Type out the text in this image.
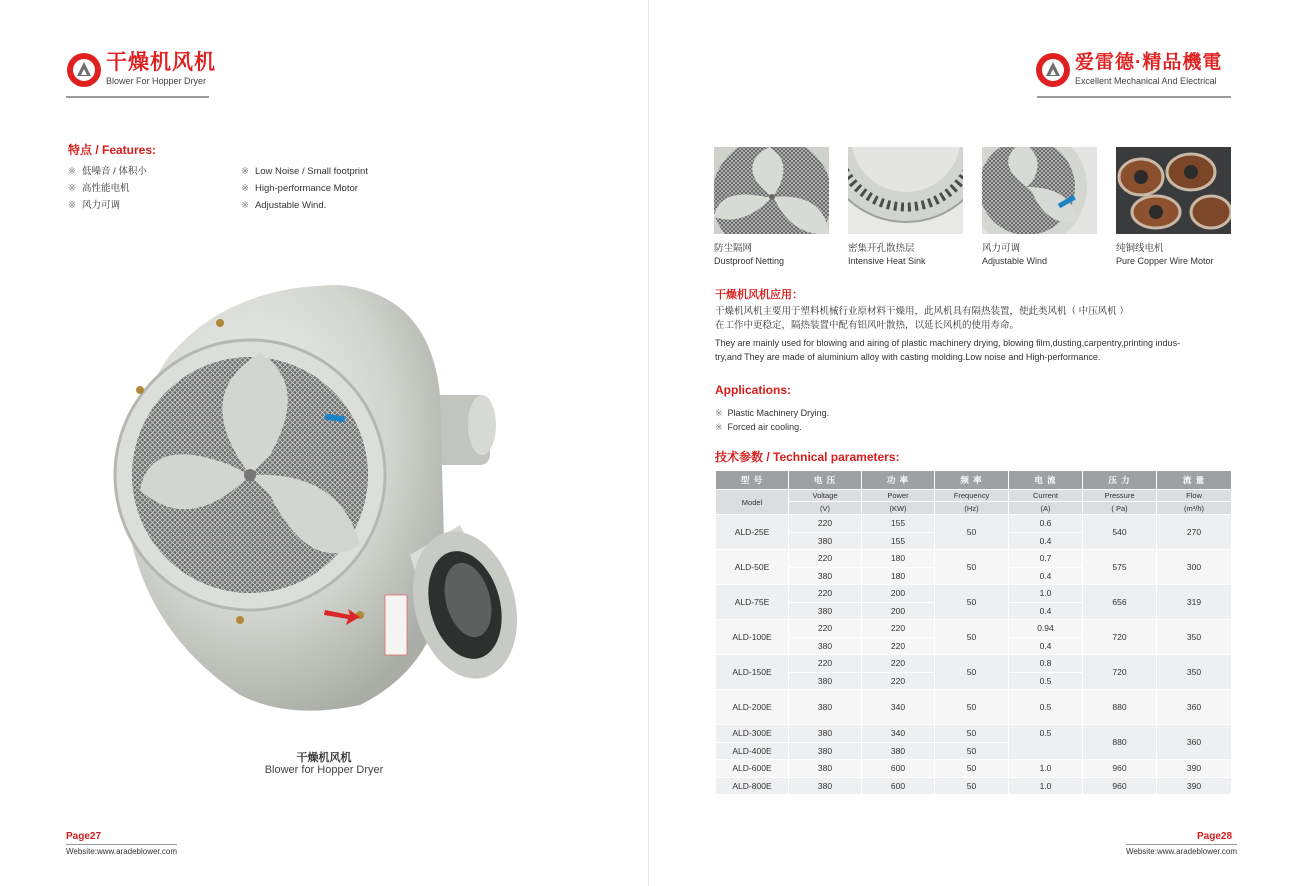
干燥机风机
Blower For Hopper Dryer
特点 / Features:
※ 低噪音 / 体积小
※ 高性能电机
※ 风力可调
※ Low Noise / Small footprint
※ High-performance Motor
※ Adjustable Wind.
干燥机风机
Blower for Hopper Dryer
Page27
Website:www.aradeblower.com
爱雷德·精品機電
Excellent Mechanical And Electrical
防尘隔网
Dustproof Netting
密集开孔散热层
Intensive Heat Sink
风力可调
Adjustable Wind
纯铜线电机
Pure Copper Wire Motor
干燥机风机应用：
干燥机风机主要用于塑料机械行业原材料干燥用，此风机具有隔热装置，使此类风机（ 中压风机 ）
在工作中更稳定，隔热装置中配有铝风叶散热，以延长风机的使用寿命。
They are mainly used for blowing and airing of plastic machinery drying, blowing film,dusting,carpentry,printing indus-
try,and They are made of aluminium alloy with casting molding.Low noise and High-performance.
Applications:
※ Plastic Machinery Drying.
※ Forced air cooling.
技术参数 / Technical parameters:
型 号	电 压	功 率	频 率	电 流	压 力	流 量
Model	Voltage	Power	Frequency	Current	Pressure	Flow
	(V)	(KW)	(Hz)	(A)	( Pa)	(m³/h)
ALD-25E	220	155	50	0.6	540	270
	380	155		0.4		
ALD-50E	220	180	50	0.7	575	300
	380	180		0.4		
ALD-75E	220	200	50	1.0	656	319
	380	200		0.4		
ALD-100E	220	220	50	0.94	720	350
	380	220		0.4		
ALD-150E	220	220	50	0.8	720	350
	380	220		0.5		
ALD-200E	380	340	50	0.5	880	360
ALD-300E	380	340	50	0.5	880	360
ALD-400E	380	380	50			
ALD-600E	380	600	50	1.0	960	390
ALD-800E	380	600	50	1.0	960	390
Page28
Website:www.aradeblower.com
